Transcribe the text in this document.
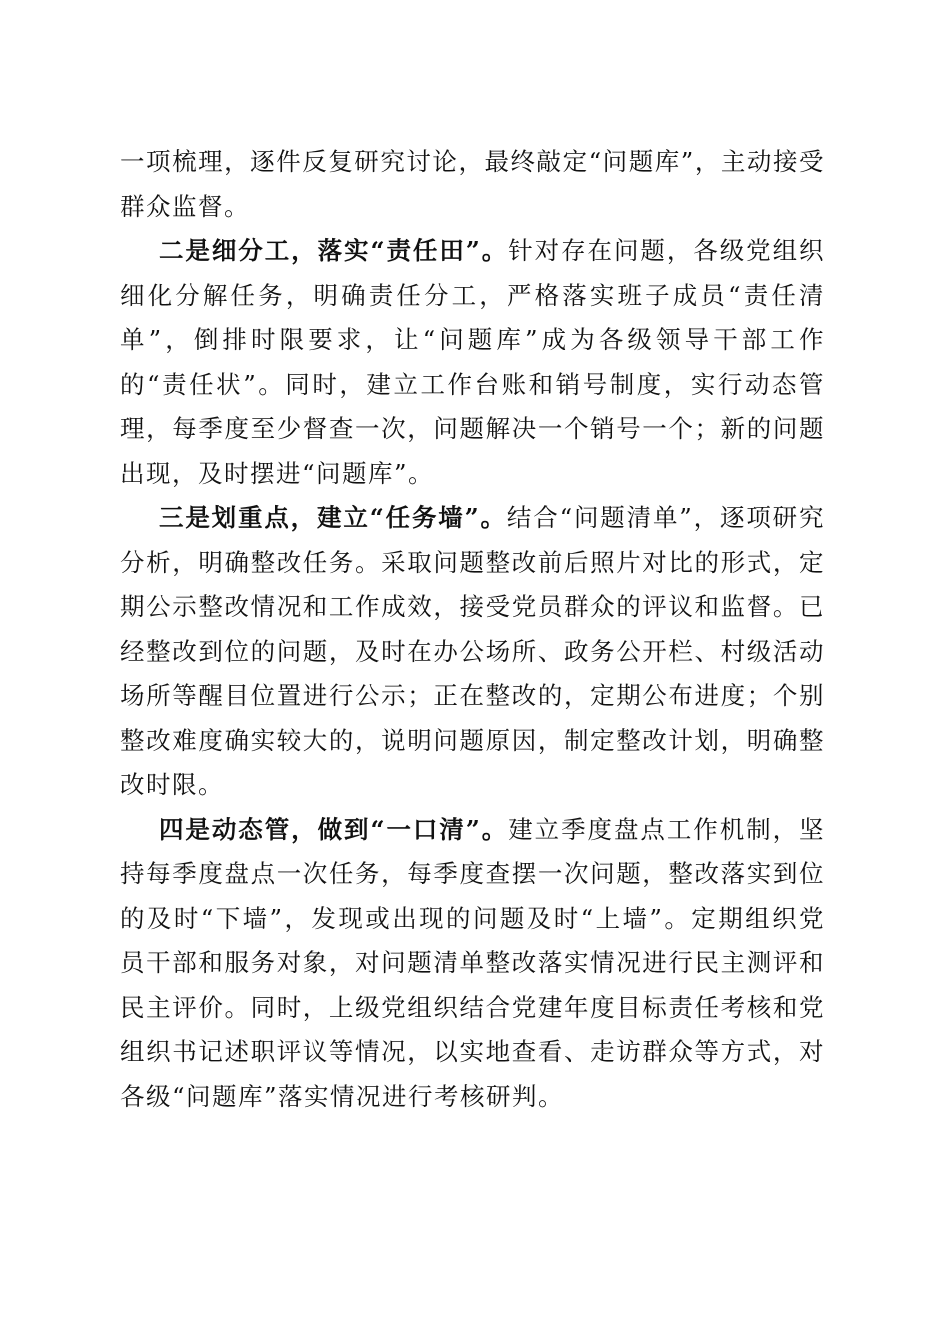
一项梳理，逐件反复研究讨论，最终敲定“问题库”，主动接受群众监督。

二是细分工，落实“责任田”。针对存在问题，各级党组织细化分解任务，明确责任分工，严格落实班子成员“责任清单”，倒排时限要求，让“问题库”成为各级领导干部工作的“责任状”。同时，建立工作台账和销号制度，实行动态管理，每季度至少督查一次，问题解决一个销号一个；新的问题出现，及时摆进“问题库”。

三是划重点，建立“任务墙”。结合“问题清单”，逐项研究分析，明确整改任务。采取问题整改前后照片对比的形式，定期公示整改情况和工作成效，接受党员群众的评议和监督。已经整改到位的问题，及时在办公场所、政务公开栏、村级活动场所等醒目位置进行公示；正在整改的，定期公布进度；个别整改难度确实较大的，说明问题原因，制定整改计划，明确整改时限。

四是动态管，做到“一口清”。建立季度盘点工作机制，坚持每季度盘点一次任务，每季度查摆一次问题，整改落实到位的及时“下墙”，发现或出现的问题及时“上墙”。定期组织党员干部和服务对象，对问题清单整改落实情况进行民主测评和民主评价。同时，上级党组织结合党建年度目标责任考核和党组织书记述职评议等情况，以实地查看、走访群众等方式，对各级“问题库”落实情况进行考核研判。
